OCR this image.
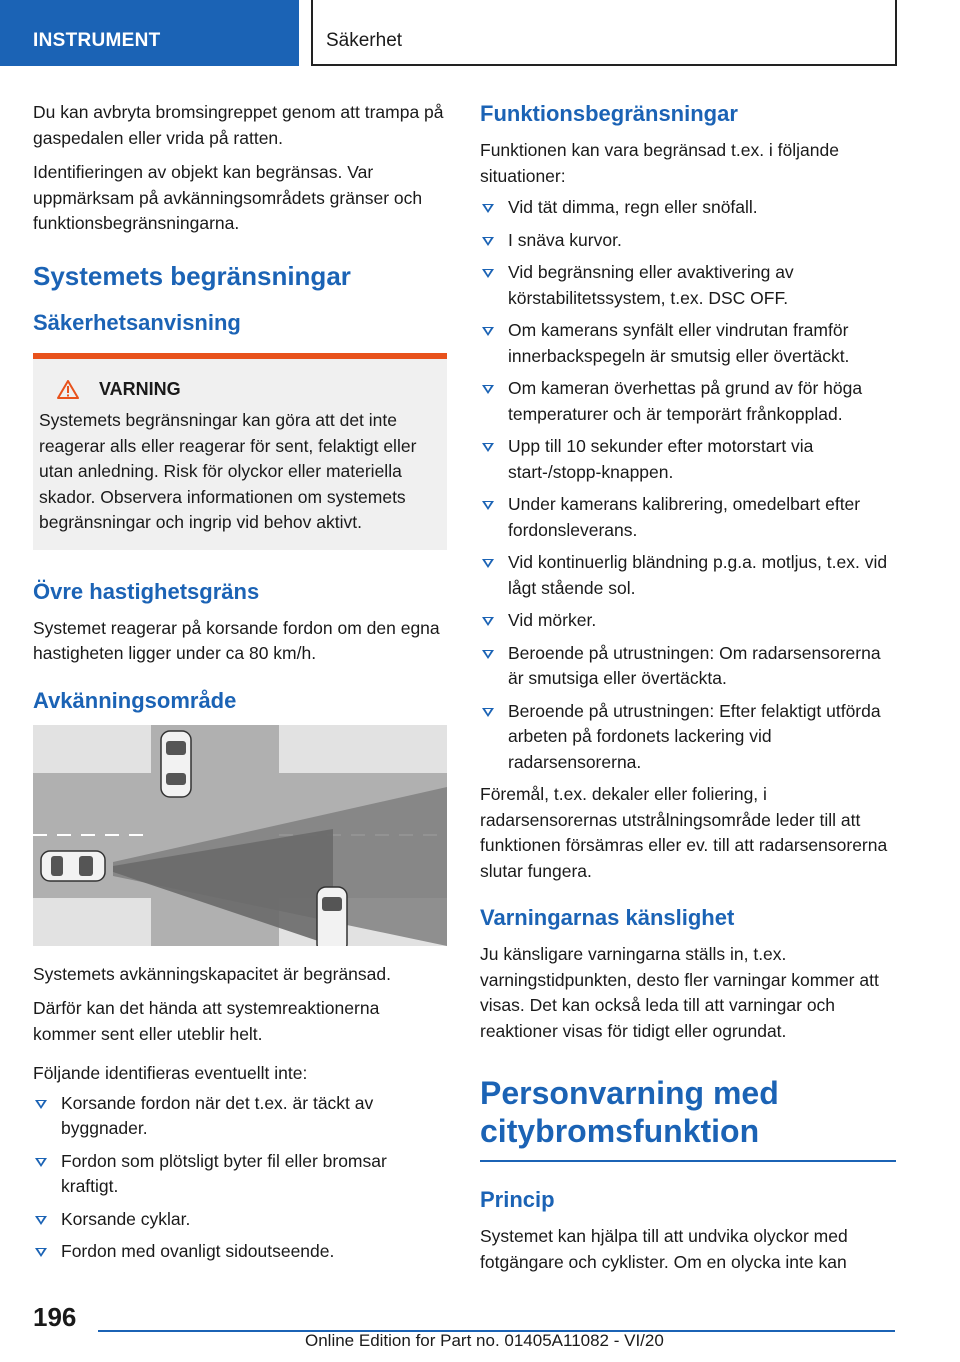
INSTRUMENT	Säkerhet

Du kan avbryta bromsingreppet genom att trampa på gaspedalen eller vrida på ratten.

Identifieringen av objekt kan begränsas. Var uppmärksam på avkänningsområdets gränser och funktionsbegränsningarna.

Systemets begränsningar
Säkerhetsanvisning
VARNING

Systemets begränsningar kan göra att det inte reagerar alls eller reagerar för sent, felaktigt eller utan anledning. Risk för olyckor eller materiella skador. Observera informationen om systemets begränsningar och ingrip vid behov aktivt.

Övre hastighetsgräns

Systemet reagerar på korsande fordon om den egna hastigheten ligger under ca 80 km/h.

Avkänningsområde

Systemets avkänningskapacitet är begränsad.

Därför kan det hända att systemreaktionerna kommer sent eller uteblir helt.

Följande identifieras eventuellt inte:

Korsande fordon när det t.ex. är täckt av byggnader.
Fordon som plötsligt byter fil eller bromsar kraftigt.
Korsande cyklar.
Fordon med ovanligt sidoutseende.
Funktionsbegränsningar

Funktionen kan vara begränsad t.ex. i följande situationer:

Vid tät dimma, regn eller snöfall.
I snäva kurvor.
Vid begränsning eller avaktivering av körstabilitetssystem, t.ex. DSC OFF.
Om kamerans synfält eller vindrutan framför innerbackspegeln är smutsig eller övertäckt.
Om kameran överhettas på grund av för höga temperaturer och är temporärt frånkopplad.
Upp till 10 sekunder efter motorstart via start-/stopp-knappen.
Under kamerans kalibrering, omedelbart efter fordonsleverans.
Vid kontinuerlig bländning p.g.a. motljus, t.ex. vid lågt stående sol.
Vid mörker.
Beroende på utrustningen: Om radarsensorerna är smutsiga eller övertäckta.
Beroende på utrustningen: Efter felaktigt utförda arbeten på fordonets lackering vid radarsensorerna.

Föremål, t.ex. dekaler eller foliering, i radarsensorernas utstrålningsområde leder till att funktionen försämras eller ev. till att radarsensorerna slutar fungera.

Varningarnas känslighet

Ju känsligare varningarna ställs in, t.ex. varningstidpunkten, desto fler varningar kommer att visas. Det kan också leda till att varningar och reaktioner visas för tidigt eller ogrundat.

Personvarning med citybromsfunktion
Princip

Systemet kan hjälpa till att undvika olyckor med fotgängare och cyklister. Om en olycka inte kan

196
Online Edition for Part no. 01405A11082 - VI/20
